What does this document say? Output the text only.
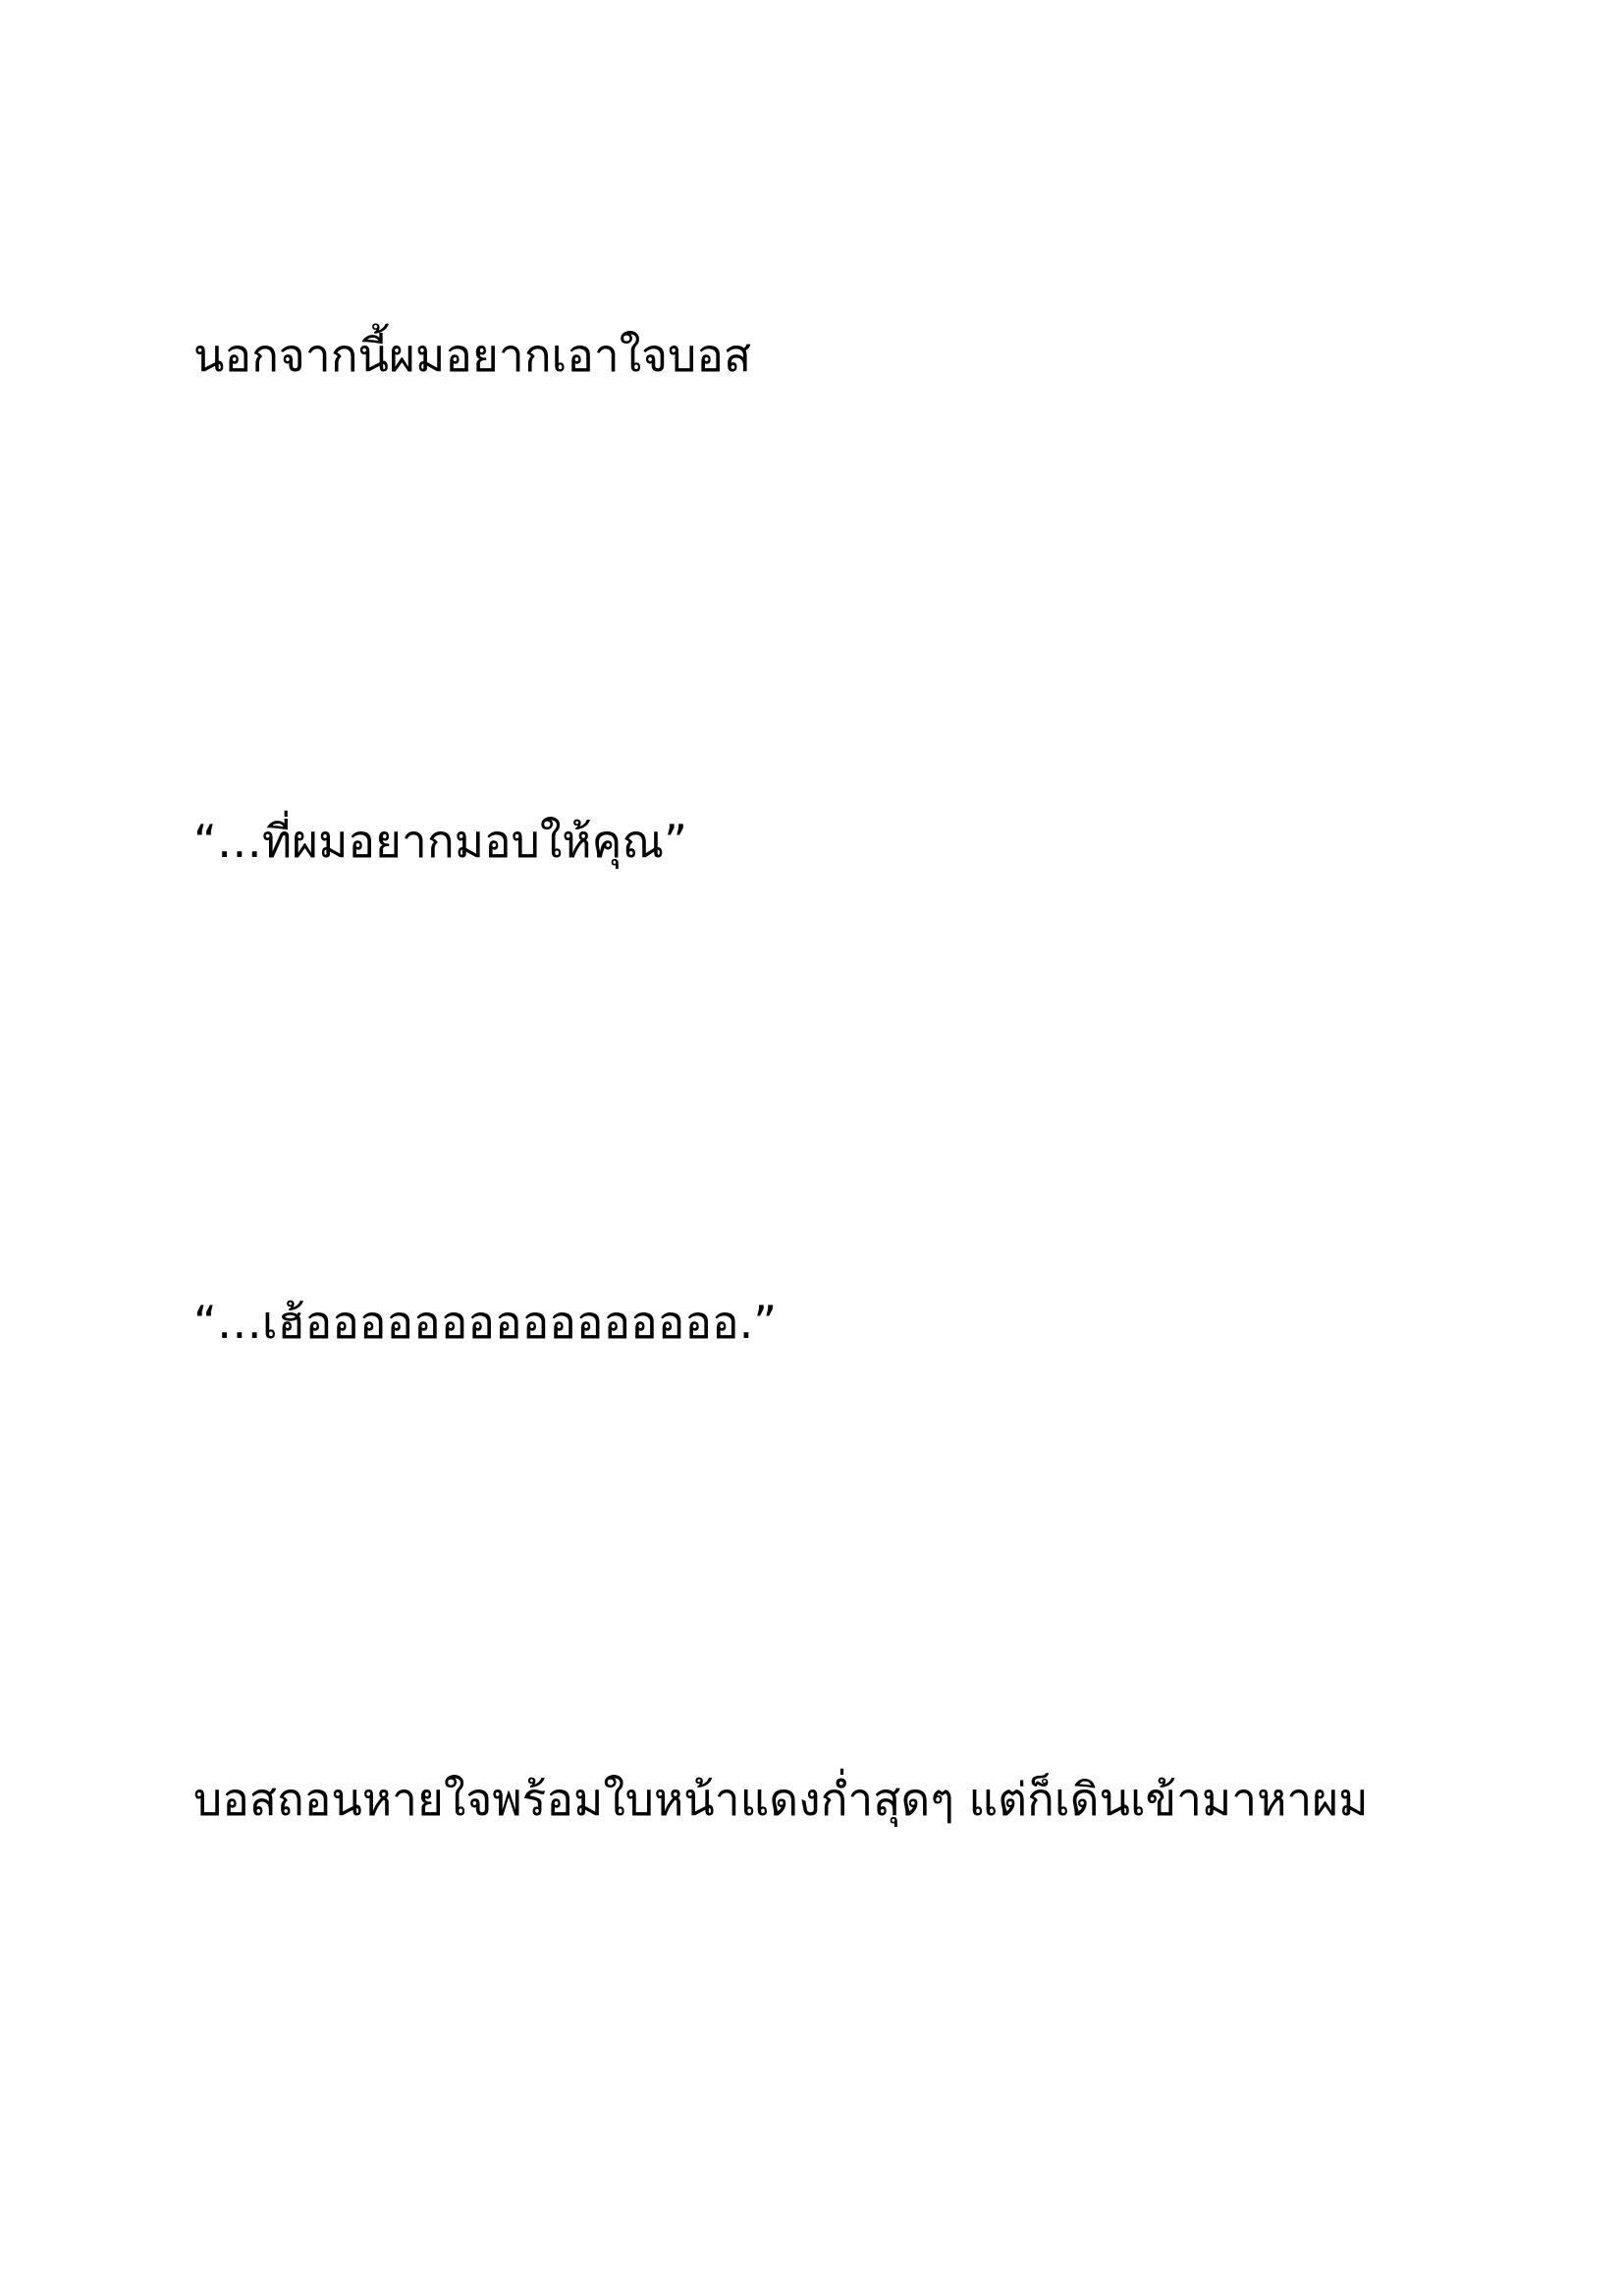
นอกจากนี้ผมอยากเอาใจบอส

“…ที่ผมอยากมอบให้คุณ”

“…เฮ้ออออออออออออออออ.”

บอสถอนหายใจพร้อมใบหน้าแดงก่ำสุดๆ แต่ก็เดินเข้ามาหาผม
